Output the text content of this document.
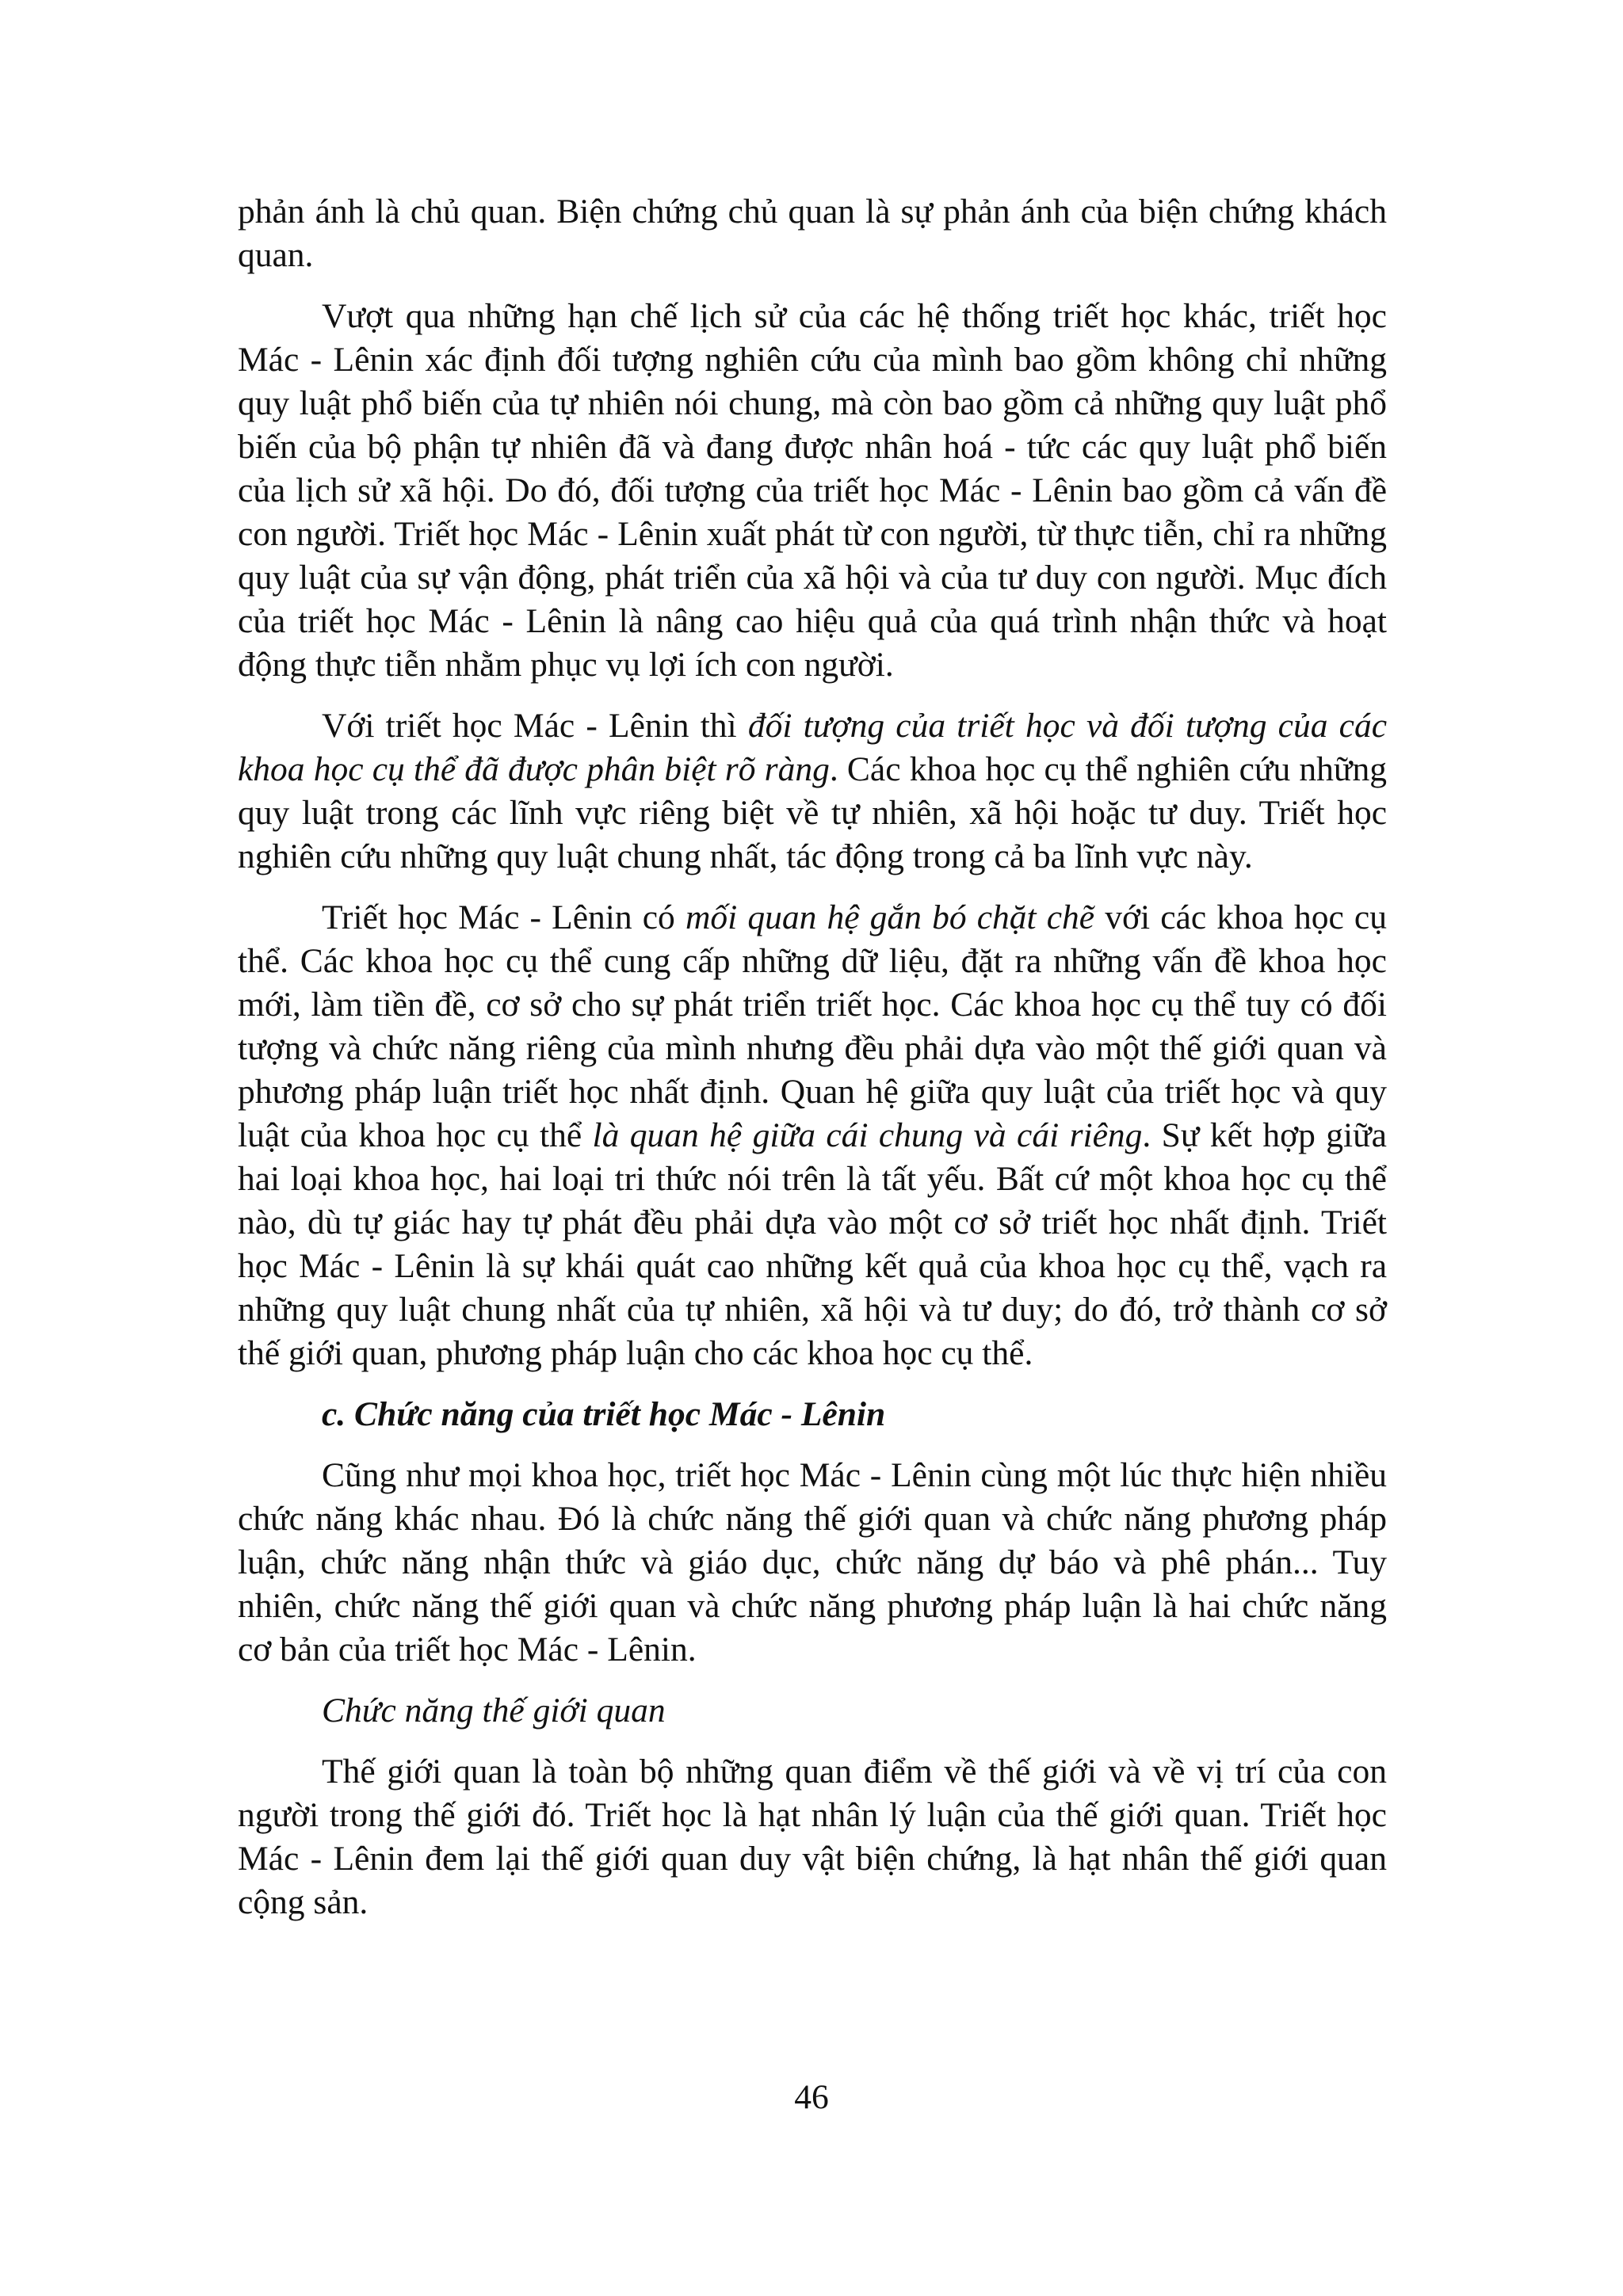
phản ánh là chủ quan. Biện chứng chủ quan là sự phản ánh của biện chứng khách quan.

Vượt qua những hạn chế lịch sử của các hệ thống triết học khác, triết học Mác - Lênin xác định đối tượng nghiên cứu của mình bao gồm không chỉ những quy luật phổ biến của tự nhiên nói chung, mà còn bao gồm cả những quy luật phổ biến của bộ phận tự nhiên đã và đang được nhân hoá - tức các quy luật phổ biến của lịch sử xã hội. Do đó, đối tượng của triết học Mác - Lênin bao gồm cả vấn đề con người. Triết học Mác - Lênin xuất phát từ con người, từ thực tiễn, chỉ ra những quy luật của sự vận động, phát triển của xã hội và của tư duy con người. Mục đích của triết học Mác - Lênin là nâng cao hiệu quả của quá trình nhận thức và hoạt động thực tiễn nhằm phục vụ lợi ích con người.

Với triết học Mác - Lênin thì đối tượng của triết học và đối tượng của các khoa học cụ thể đã được phân biệt rõ ràng. Các khoa học cụ thể nghiên cứu những quy luật trong các lĩnh vực riêng biệt về tự nhiên, xã hội hoặc tư duy. Triết học nghiên cứu những quy luật chung nhất, tác động trong cả ba lĩnh vực này.

Triết học Mác - Lênin có mối quan hệ gắn bó chặt chẽ với các khoa học cụ thể. Các khoa học cụ thể cung cấp những dữ liệu, đặt ra những vấn đề khoa học mới, làm tiền đề, cơ sở cho sự phát triển triết học. Các khoa học cụ thể tuy có đối tượng và chức năng riêng của mình nhưng đều phải dựa vào một thế giới quan và phương pháp luận triết học nhất định. Quan hệ giữa quy luật của triết học và quy luật của khoa học cụ thể là quan hệ giữa cái chung và cái riêng. Sự kết hợp giữa hai loại khoa học, hai loại tri thức nói trên là tất yếu. Bất cứ một khoa học cụ thể nào, dù tự giác hay tự phát đều phải dựa vào một cơ sở triết học nhất định. Triết học Mác - Lênin là sự khái quát cao những kết quả của khoa học cụ thể, vạch ra những quy luật chung nhất của tự nhiên, xã hội và tư duy; do đó, trở thành cơ sở thế giới quan, phương pháp luận cho các khoa học cụ thể.

c. Chức năng của triết học Mác - Lênin

Cũng như mọi khoa học, triết học Mác - Lênin cùng một lúc thực hiện nhiều chức năng khác nhau. Đó là chức năng thế giới quan và chức năng phương pháp luận, chức năng nhận thức và giáo dục, chức năng dự báo và phê phán... Tuy nhiên, chức năng thế giới quan và chức năng phương pháp luận là hai chức năng cơ bản của triết học Mác - Lênin.

Chức năng thế giới quan

Thế giới quan là toàn bộ những quan điểm về thế giới và về vị trí của con người trong thế giới đó. Triết học là hạt nhân lý luận của thế giới quan. Triết học Mác - Lênin đem lại thế giới quan duy vật biện chứng, là hạt nhân thế giới quan cộng sản.

46
